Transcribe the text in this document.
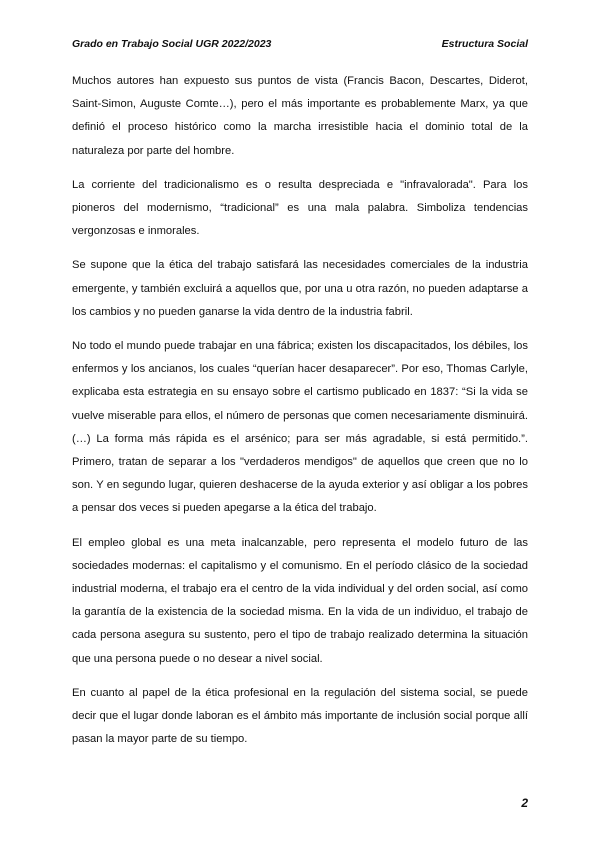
Grado en Trabajo Social UGR 2022/2023	Estructura Social

Muchos autores han expuesto sus puntos de vista (Francis Bacon, Descartes, Diderot, Saint-Simon, Auguste Comte…), pero el más importante es probablemente Marx, ya que definió el proceso histórico como la marcha irresistible hacia el dominio total de la naturaleza por parte del hombre.

La corriente del tradicionalismo es o resulta despreciada e "infravalorada". Para los pioneros del modernismo, “tradicional” es una mala palabra. Simboliza tendencias vergonzosas e inmorales.

Se supone que la ética del trabajo satisfará las necesidades comerciales de la industria emergente, y también excluirá a aquellos que, por una u otra razón, no pueden adaptarse a los cambios y no pueden ganarse la vida dentro de la industria fabril.

No todo el mundo puede trabajar en una fábrica; existen los discapacitados, los débiles, los enfermos y los ancianos, los cuales “querían hacer desaparecer”. Por eso, Thomas Carlyle, explicaba esta estrategia en su ensayo sobre el cartismo publicado en 1837: “Si la vida se vuelve miserable para ellos, el número de personas que comen necesariamente disminuirá. (…) La forma más rápida es el arsénico; para ser más agradable, si está permitido.”. Primero, tratan de separar a los "verdaderos mendigos" de aquellos que creen que no lo son. Y en segundo lugar, quieren deshacerse de la ayuda exterior y así obligar a los pobres a pensar dos veces si pueden apegarse a la ética del trabajo.

El empleo global es una meta inalcanzable, pero representa el modelo futuro de las sociedades modernas: el capitalismo y el comunismo. En el período clásico de la sociedad industrial moderna, el trabajo era el centro de la vida individual y del orden social, así como la garantía de la existencia de la sociedad misma. En la vida de un individuo, el trabajo de cada persona asegura su sustento, pero el tipo de trabajo realizado determina la situación que una persona puede o no desear a nivel social.

En cuanto al papel de la ética profesional en la regulación del sistema social, se puede decir que el lugar donde laboran es el ámbito más importante de inclusión social porque allí pasan la mayor parte de su tiempo.

2
